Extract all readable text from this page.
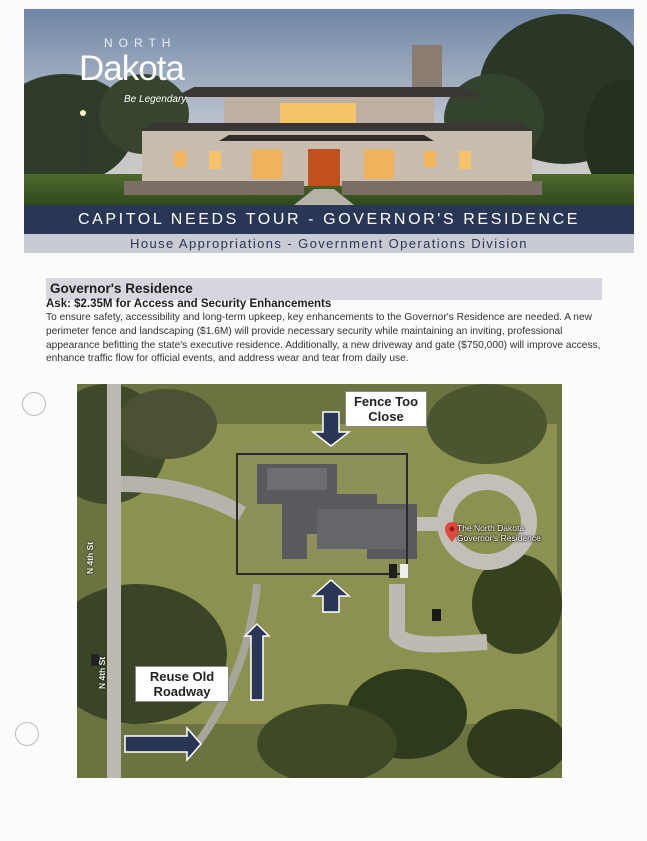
NORTH
Dakota
Be Legendary.
CAPITOL NEEDS TOUR - GOVERNOR'S RESIDENCE
House Appropriations - Government Operations Division
Governor's Residence
Ask: $2.35M for Access and Security Enhancements
To ensure safety, accessibility and long-term upkeep, key enhancements to the Governor's Residence are needed. A new perimeter fence and landscaping ($1.6M) will provide necessary security while maintaining an inviting, professional appearance befitting the state's executive residence. Additionally, a new driveway and gate ($750,000) will improve access, enhance traffic flow for official events, and address wear and tear from daily use.
N 4th St
N 4th St
Fence Too Close
Reuse Old Roadway
The North Dakota Governor's Residence
